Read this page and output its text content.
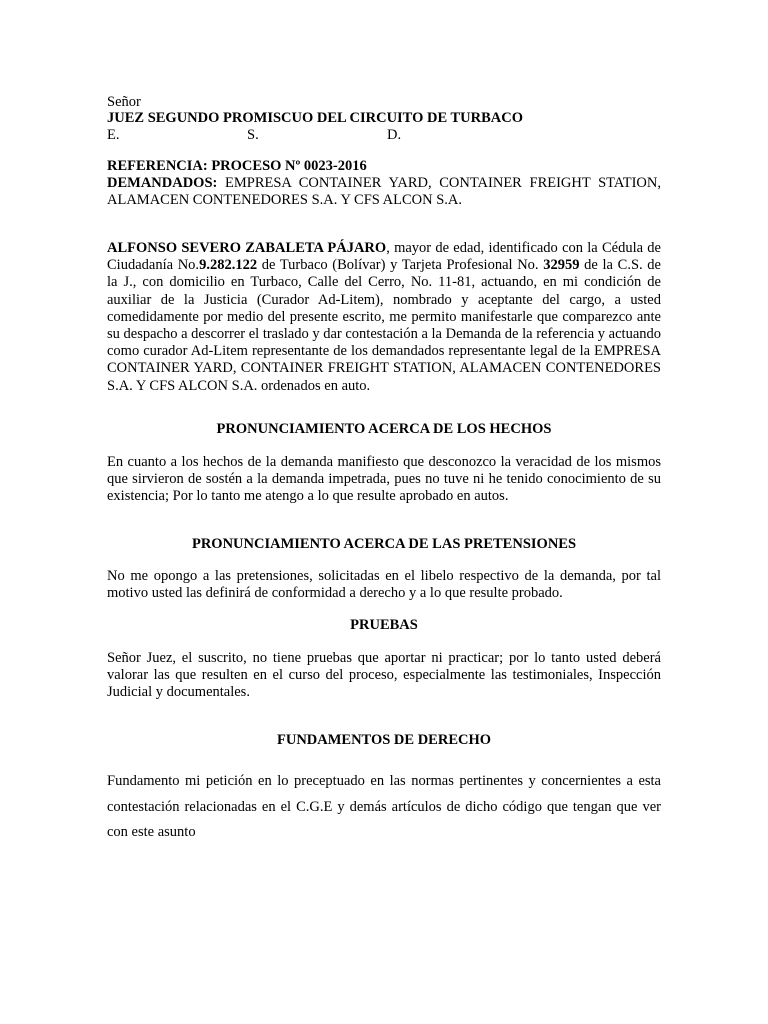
Señor
JUEZ SEGUNDO PROMISCUO DEL CIRCUITO DE TURBACO
E.	S.	D.
REFERENCIA: PROCESO Nº 0023-2016
DEMANDADOS: EMPRESA CONTAINER YARD, CONTAINER FREIGHT STATION, ALAMACEN CONTENEDORES S.A. Y CFS ALCON S.A.
ALFONSO SEVERO ZABALETA PÁJARO, mayor de edad, identificado con la Cédula de Ciudadanía No.9.282.122 de Turbaco (Bolívar) y Tarjeta Profesional No. 32959 de la C.S. de la J., con domicilio en Turbaco, Calle del Cerro, No. 11-81, actuando, en mi condición de auxiliar de la Justicia (Curador Ad-Litem), nombrado y aceptante del cargo, a usted comedidamente por medio del presente escrito, me permito manifestarle que comparezco ante su despacho a descorrer el traslado y dar contestación a la Demanda de la referencia y actuando como curador Ad-Litem representante de los demandados representante legal de la EMPRESA CONTAINER YARD, CONTAINER FREIGHT STATION, ALAMACEN CONTENEDORES S.A. Y CFS ALCON S.A. ordenados en auto.
PRONUNCIAMIENTO ACERCA DE LOS HECHOS
En cuanto a los hechos de la demanda manifiesto que desconozco la veracidad de los mismos que sirvieron de sostén a la demanda impetrada, pues no tuve ni he tenido conocimiento de su existencia; Por lo tanto me atengo a lo que resulte aprobado en autos.
PRONUNCIAMIENTO ACERCA DE LAS PRETENSIONES
No me opongo a las pretensiones, solicitadas en el libelo respectivo de la demanda, por tal motivo usted las definirá de conformidad a derecho y a lo que resulte probado.
PRUEBAS
Señor Juez, el suscrito, no tiene pruebas que aportar ni practicar; por lo tanto usted deberá valorar las que resulten en el curso del proceso, especialmente las testimoniales, Inspección Judicial y documentales.
FUNDAMENTOS DE DERECHO
Fundamento mi petición en lo preceptuado en las normas pertinentes y concernientes a esta contestación relacionadas en el C.G.E y demás artículos de dicho código que tengan que ver con este asunto
